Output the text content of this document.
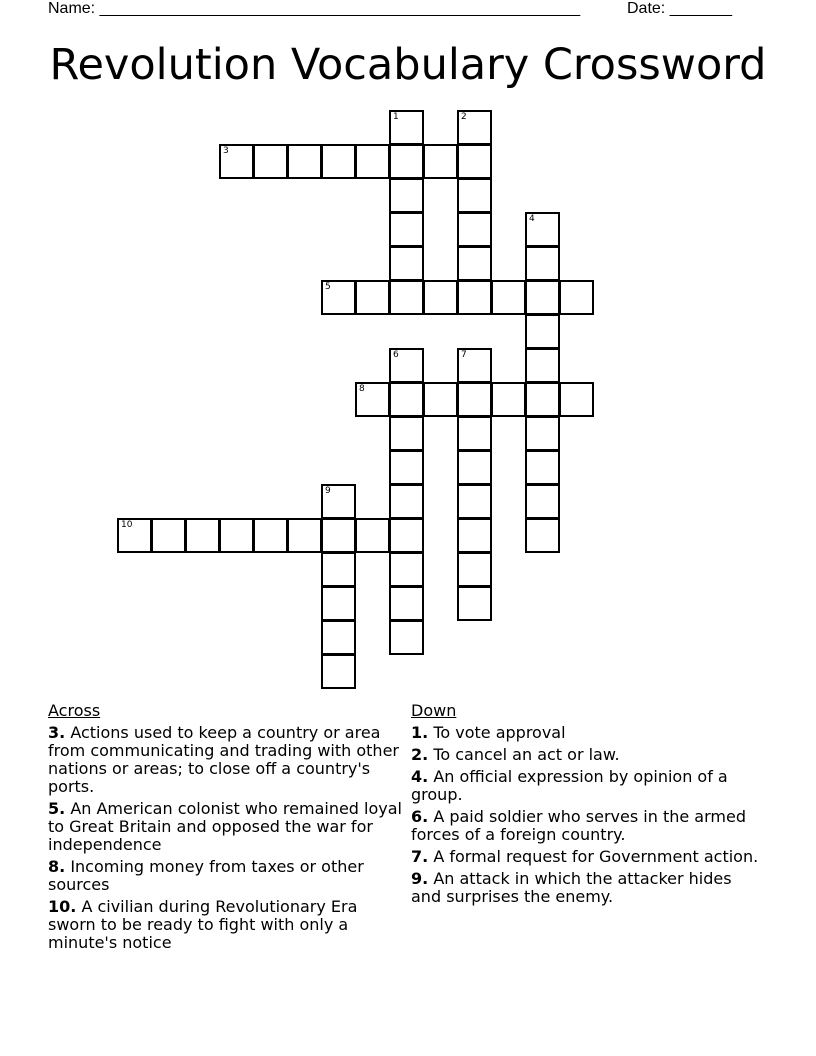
Name: ______________________________________________________	Date: _______
Revolution Vocabulary Crossword
1	2
3
4
5
6	7
8
9
10
Across
3. Actions used to keep a country or area from communicating and trading with other nations or areas; to close off a country's ports.
5. An American colonist who remained loyal to Great Britain and opposed the war for independence
8. Incoming money from taxes or other sources
10. A civilian during Revolutionary Era sworn to be ready to fight with only a minute's notice
Down
1. To vote approval
2. To cancel an act or law.
4. An official expression by opinion of a group.
6. A paid soldier who serves in the armed forces of a foreign country.
7. A formal request for Government action.
9. An attack in which the attacker hides and surprises the enemy.
